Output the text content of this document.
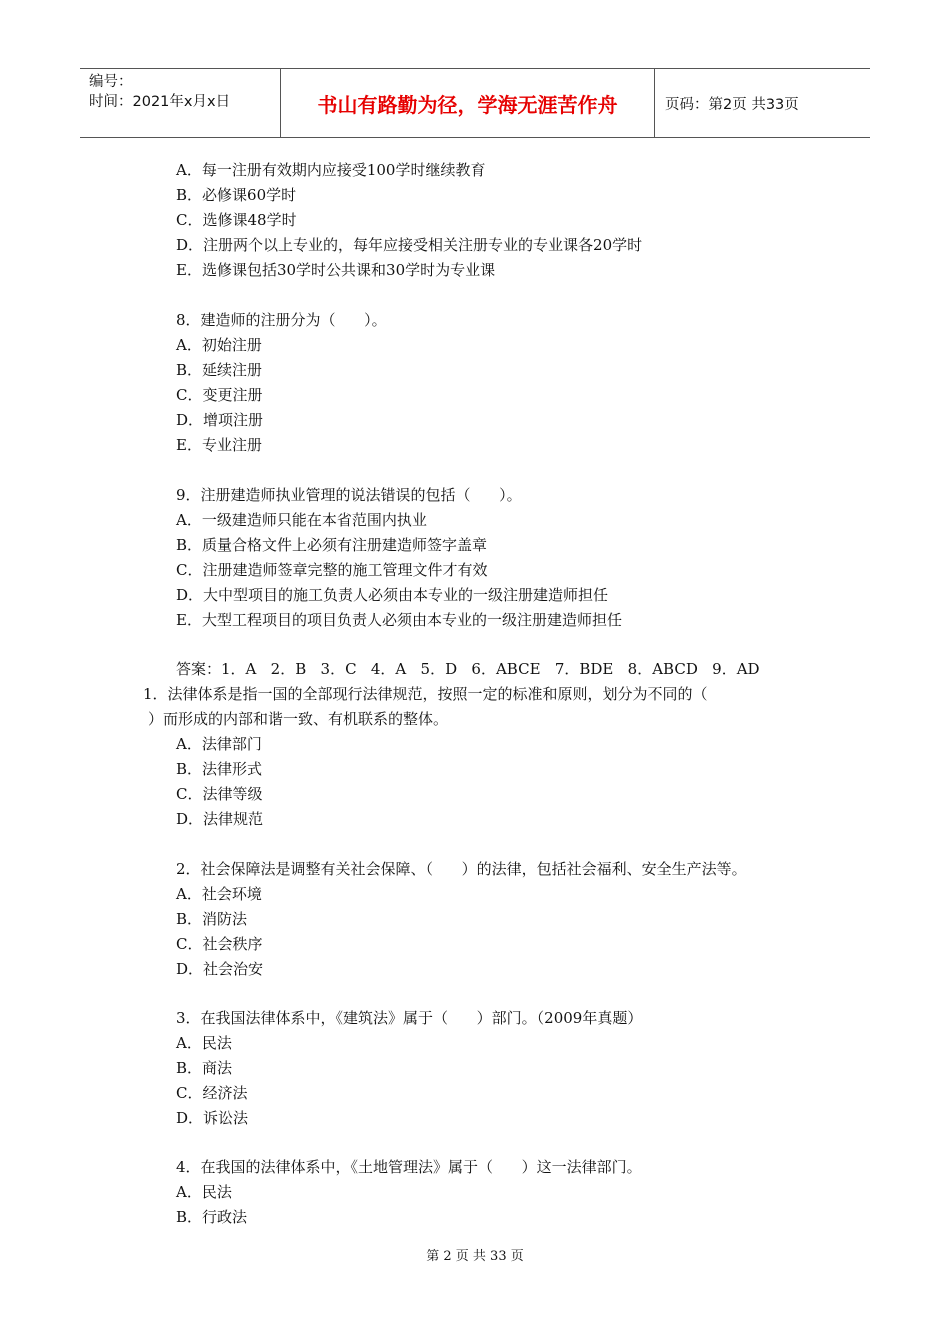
编号：
时间：2021年x月x日	书山有路勤为径，学海无涯苦作舟	页码：第2页 共33页
A．每一注册有效期内应接受100学时继续教育
B．必修课60学时
C．选修课48学时
D．注册两个以上专业的，每年应接受相关注册专业的专业课各20学时
E．选修课包括30学时公共课和30学时为专业课
8．建造师的注册分为（      ）。
A．初始注册
B．延续注册
C．变更注册
D．增项注册
E．专业注册
9．注册建造师执业管理的说法错误的包括（      ）。
A．一级建造师只能在本省范围内执业
B．质量合格文件上必须有注册建造师签字盖章
C．注册建造师签章完整的施工管理文件才有效
D．大中型项目的施工负责人必须由本专业的一级注册建造师担任
E．大型工程项目的项目负责人必须由本专业的一级注册建造师担任
答案：1．A   2．B   3．C   4．A   5．D   6．ABCE   7．BDE   8．ABCD   9．AD
1．法律体系是指一国的全部现行法律规范，按照一定的标准和原则，划分为不同的（
）而形成的内部和谐一致、有机联系的整体。
A．法律部门
B．法律形式
C．法律等级
D．法律规范
2．社会保障法是调整有关社会保障、（      ）的法律，包括社会福利、安全生产法等。
A．社会环境
B．消防法
C．社会秩序
D．社会治安
3．在我国法律体系中，《建筑法》属于（      ）部门。（2009年真题）
A．民法
B．商法
C．经济法
D．诉讼法
4．在我国的法律体系中，《土地管理法》属于（      ）这一法律部门。
A．民法
B．行政法
第 2 页 共 33 页
